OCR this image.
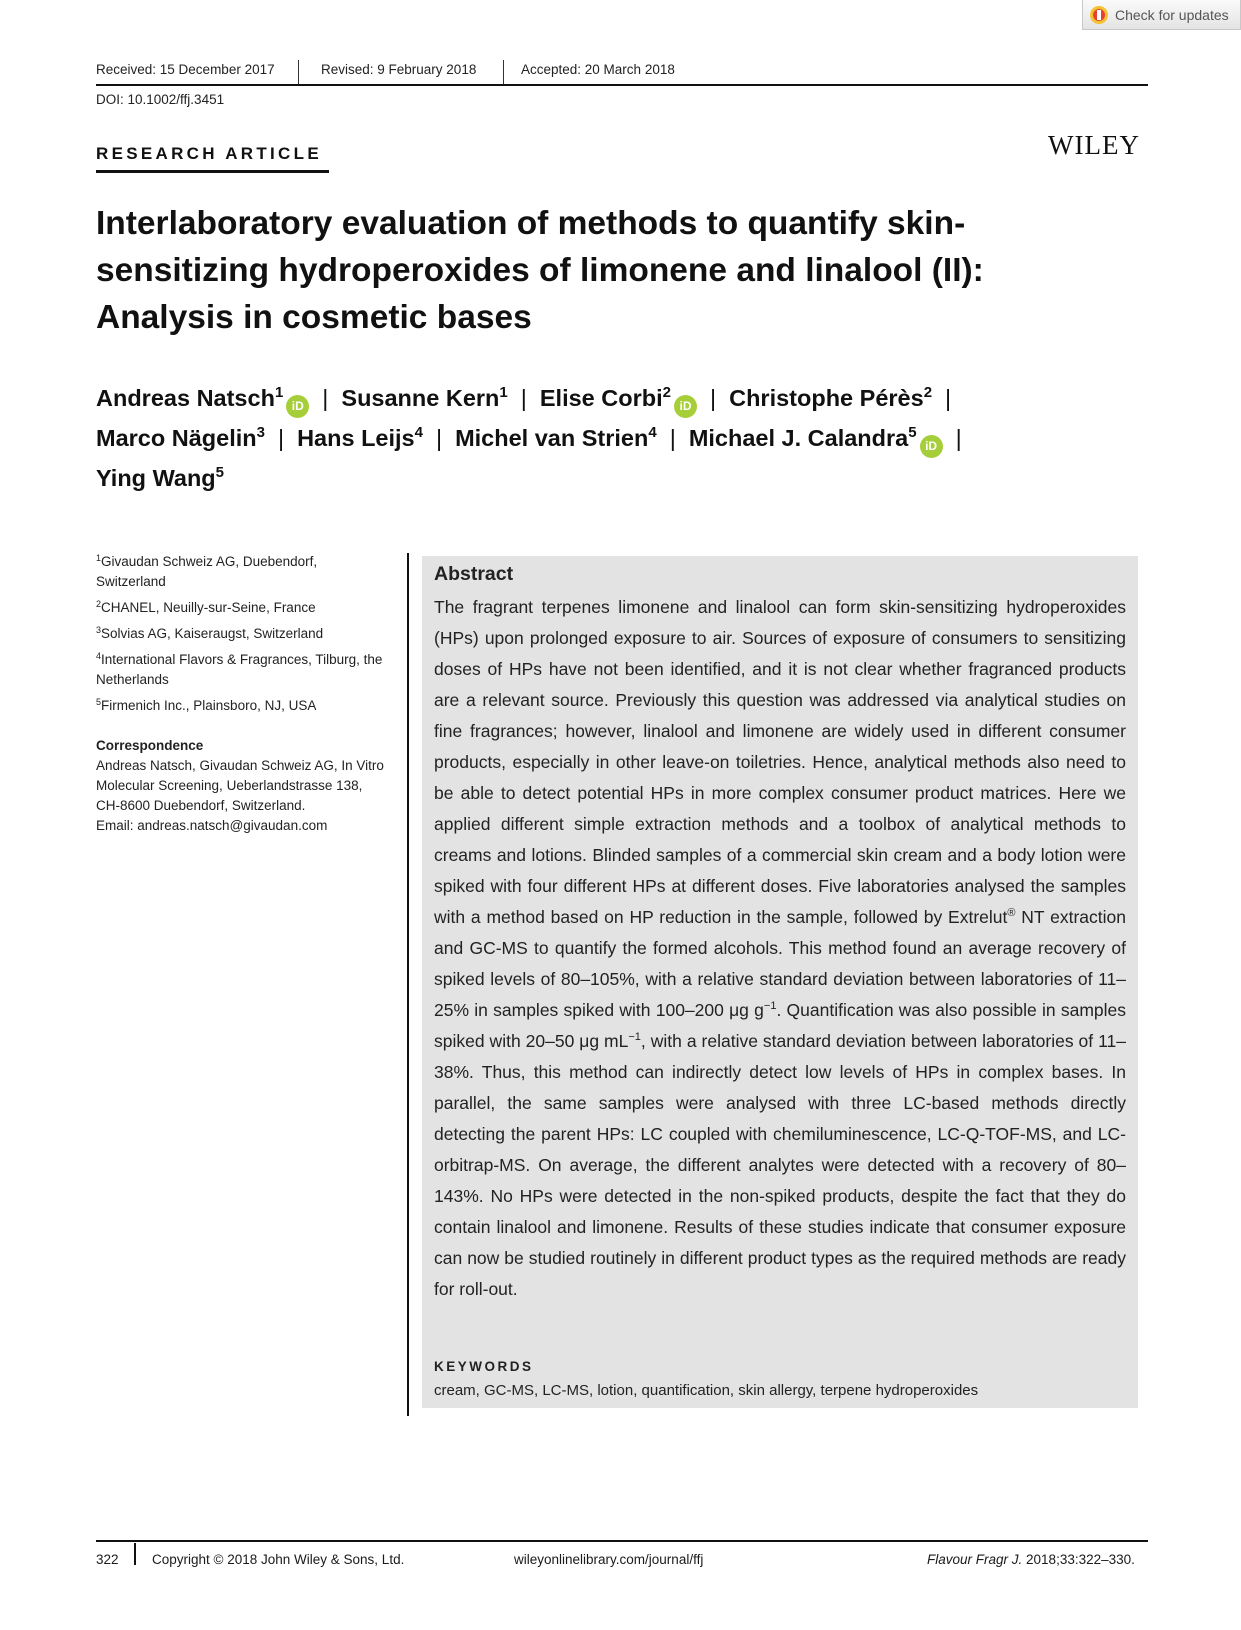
Check for updates
Received: 15 December 2017	Revised: 9 February 2018	Accepted: 20 March 2018
DOI: 10.1002/ffj.3451
RESEARCH ARTICLE	WILEY
Interlaboratory evaluation of methods to quantify skin-sensitizing hydroperoxides of limonene and linalool (II): Analysis in cosmetic bases
Andreas Natsch$^1$iD | Susanne Kern$^1$ | Elise Corbi$^2$iD | Christophe Pérès$^2$ |
Marco Nägelin$^3$ | Hans Leijs$^4$ | Michel van Strien$^4$ | Michael J. Calandra$^5$iD |
Ying Wang$^5$
$^1$Givaudan Schweiz AG, Duebendorf, Switzerland
$^2$CHANEL, Neuilly-sur-Seine, France
$^3$Solvias AG, Kaiseraugst, Switzerland
$^4$International Flavors & Fragrances, Tilburg, the Netherlands
$^5$Firmenich Inc., Plainsboro, NJ, USA
Correspondence
Andreas Natsch, Givaudan Schweiz AG, In Vitro Molecular Screening, Ueberlandstrasse 138, CH-8600 Duebendorf, Switzerland.
Email: andreas.natsch@givaudan.com
Abstract
The fragrant terpenes limonene and linalool can form skin-sensitizing hydroperoxides (HPs) upon prolonged exposure to air. Sources of exposure of consumers to sensitizing doses of HPs have not been identified, and it is not clear whether fragranced products are a relevant source. Previously this question was addressed via analytical studies on fine fragrances; however, linalool and limonene are widely used in different consumer products, especially in other leave-on toiletries. Hence, analytical methods also need to be able to detect potential HPs in more complex consumer product matrices. Here we applied different simple extraction methods and a toolbox of analytical methods to creams and lotions. Blinded samples of a commercial skin cream and a body lotion were spiked with four different HPs at different doses. Five laboratories analysed the samples with a method based on HP reduction in the sample, followed by Extrelut® NT extraction and GC-MS to quantify the formed alcohols. This method found an average recovery of spiked levels of 80–105%, with a relative standard deviation between laboratories of 11–25% in samples spiked with 100–200 μg $g^{-1}$. Quantification was also possible in samples spiked with 20–50 μg $mL^{-1}$, with a relative standard deviation between laboratories of 11–38%. Thus, this method can indirectly detect low levels of HPs in complex bases. In parallel, the same samples were analysed with three LC-based methods directly detecting the parent HPs: LC coupled with chemiluminescence, LC-Q-TOF-MS, and LC-orbitrap-MS. On average, the different analytes were detected with a recovery of 80–143%. No HPs were detected in the non-spiked products, despite the fact that they do contain linalool and limonene. Results of these studies indicate that consumer exposure can now be studied routinely in different product types as the required methods are ready for roll-out.
KEYWORDS
cream, GC-MS, LC-MS, lotion, quantification, skin allergy, terpene hydroperoxides
322 Copyright © 2018 John Wiley & Sons, Ltd.	wileyonlinelibrary.com/journal/ffj	Flavour Fragr J. 2018;33:322–330.
